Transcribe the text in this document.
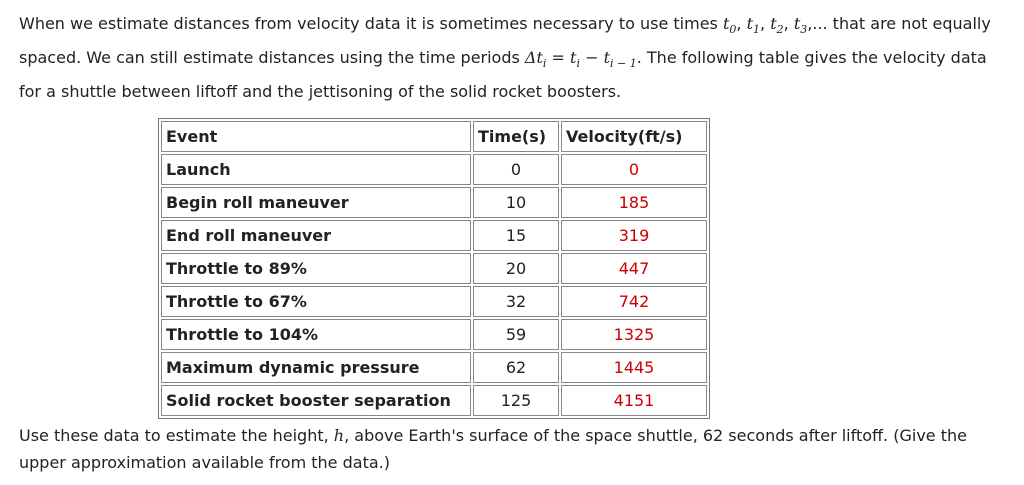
When we estimate distances from velocity data it is sometimes necessary to use times $t_0$, $t_1$, $t_2$, $t_3$,... that are not equally spaced. We can still estimate distances using the time periods $\Delta t_i = t_i - t_{i - 1}$. The following table gives the velocity data for a shuttle between liftoff and the jettisoning of the solid rocket boosters.

Event	Time(s)	Velocity(ft/s)
Launch	0	0
Begin roll maneuver	10	185
End roll maneuver	15	319
Throttle to 89%	20	447
Throttle to 67%	32	742
Throttle to 104%	59	1325
Maximum dynamic pressure	62	1445
Solid rocket booster separation	125	4151

Use these data to estimate the height, h, above Earth's surface of the space shuttle, 62 seconds after liftoff. (Give the upper approximation available from the data.)
